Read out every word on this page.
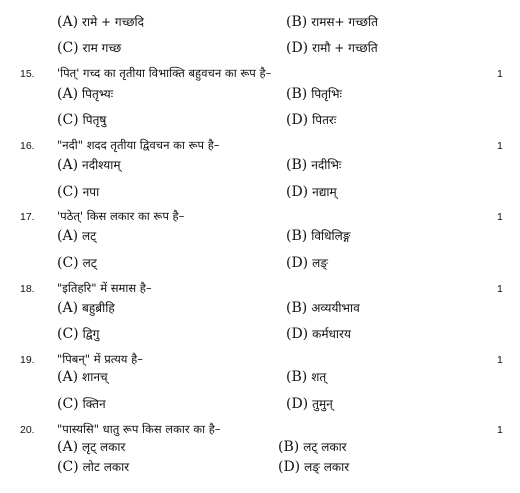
(A) रामे + गच्छदि	(B) रामस+ गच्छति
(C) राम गच्छ	(D) रामौ + गच्छति
15. 'पित्' गच्द का तृतीया विभाक्ति बहुवचन का रूप है–	1
(A) पितृभ्यः	(B) पितृभिः
(C) पितृषु	(D) पितरः
16. "नदी" शदद तृतीया द्विवचन का रूप है–	1
(A) नदीश्याम्	(B) नदीभिः
(C) नपा	(D) नद्याम्
17. 'पठेत्' किस लकार का रूप है–	1
(A) लट्	(B) विधिलिङ्ग
(C) लट्	(D) लङ्
18. "इतिहरि" में समास है–	1
(A) बहुब्रीहि	(B) अव्ययीभाव
(C) द्विगु	(D) कर्मधारय
19. "पिबन्" में प्रत्यय है–	1
(A) शानच्	(B) शत्
(C) क्तिन	(D) तुमुन्
20. "पास्यसि" धातु रूप किस लकार का है–	1
(A) लृट् लकार	(B) लट् लकार
(C) लोट लकार	(D) लङ् लकार
